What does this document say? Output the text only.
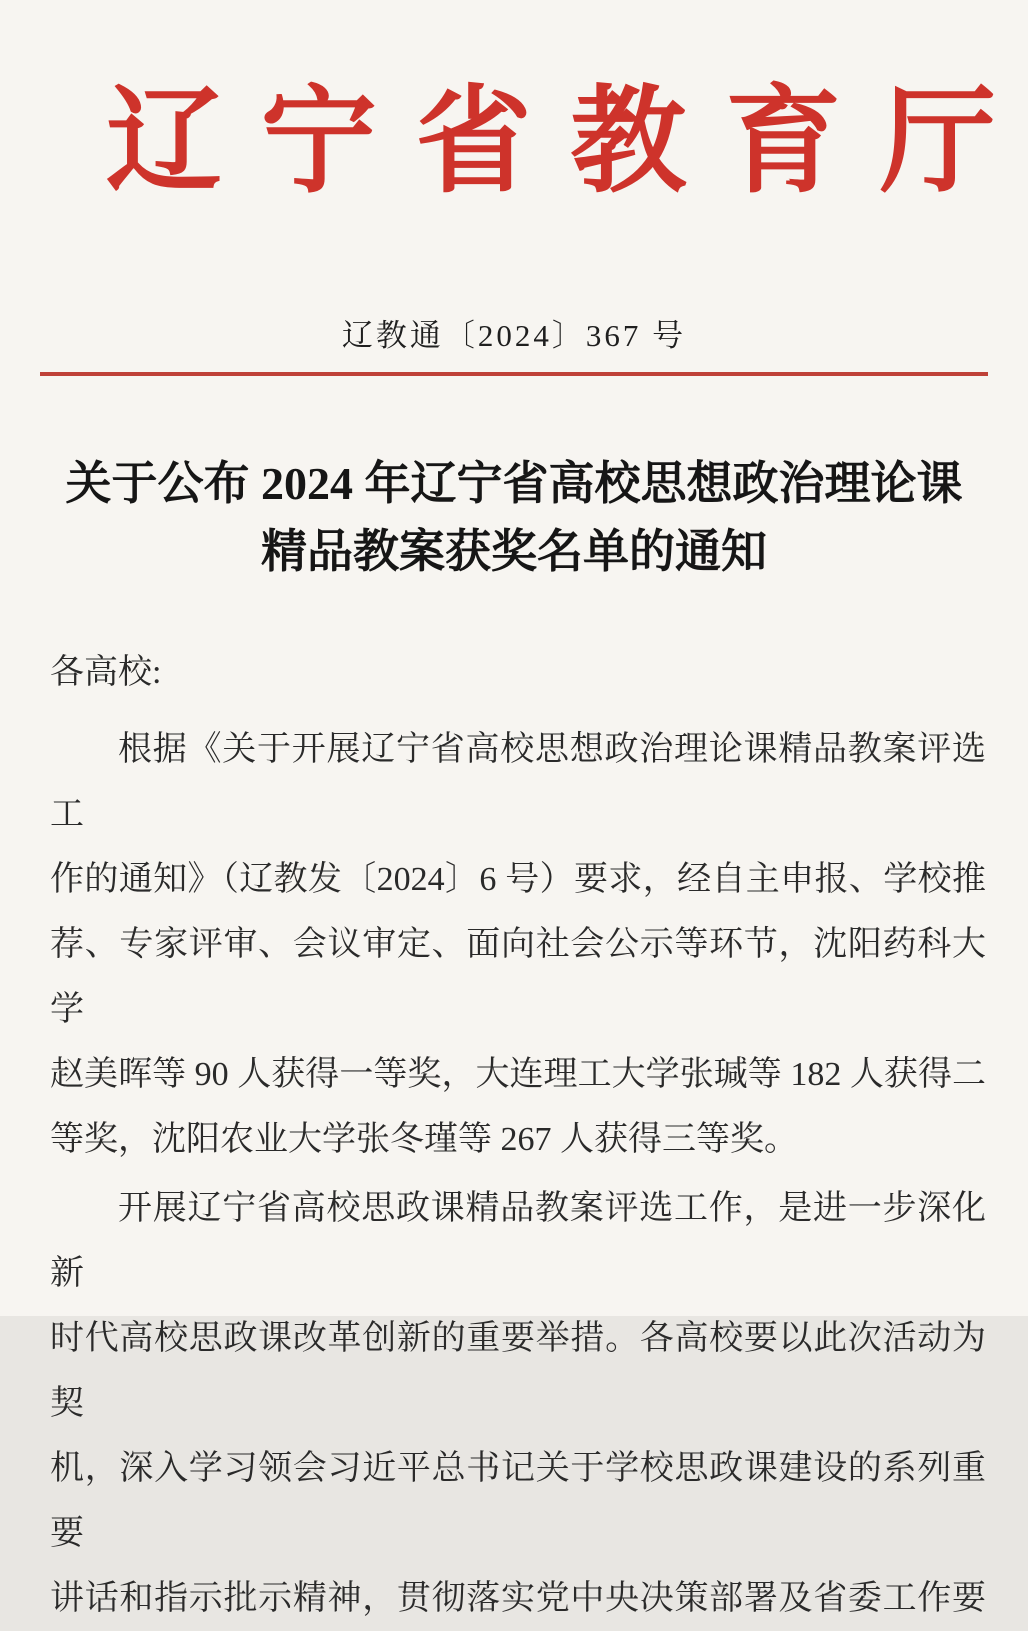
辽宁省教育厅
辽教通〔2024〕367 号
关于公布 2024 年辽宁省高校思想政治理论课
精品教案获奖名单的通知
各高校:
根据《关于开展辽宁省高校思想政治理论课精品教案评选工
作的通知》（辽教发〔2024〕6 号）要求，经自主申报、学校推
荐、专家评审、会议审定、面向社会公示等环节，沈阳药科大学
赵美晖等 90 人获得一等奖，大连理工大学张瑊等 182 人获得二
等奖，沈阳农业大学张冬瑾等 267 人获得三等奖。
开展辽宁省高校思政课精品教案评选工作，是进一步深化新
时代高校思政课改革创新的重要举措。各高校要以此次活动为契
机，深入学习领会习近平总书记关于学校思政课建设的系列重要
讲话和指示批示精神，贯彻落实党中央决策部署及省委工作要
